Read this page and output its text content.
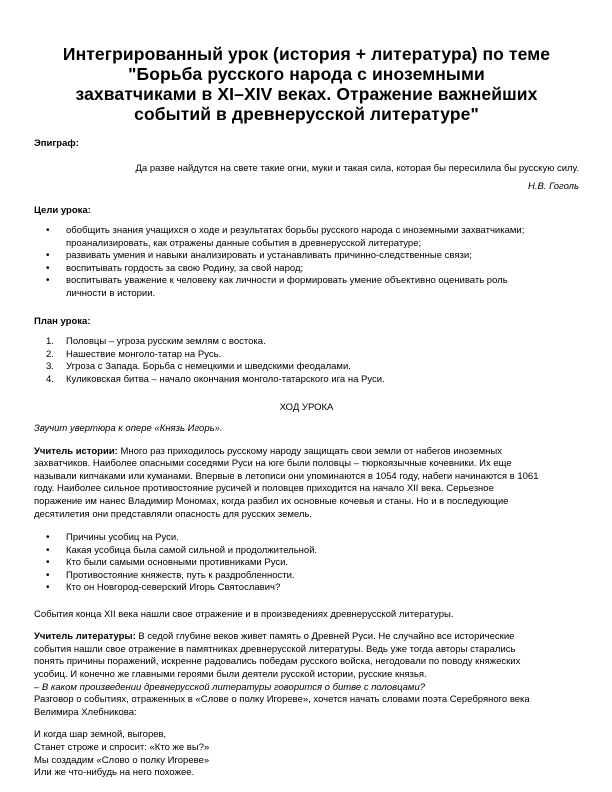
Интегрированный урок (история + литература) по теме
"Борьба русского народа с иноземными
захватчиками в XI–XIV веках. Отражение важнейших
событий в древнерусской литературе"
Эпиграф:
Да разве найдутся на свете такие огни, муки и такая сила, которая бы пересилила бы русскую силу.
Н.В. Гоголь
Цели урока:
• обобщить знания учащихся о ходе и результатах борьбы русского народа с иноземными захватчиками;
проанализировать, как отражены данные события в древнерусской литературе;
• развивать умения и навыки анализировать и устанавливать причинно-следственные связи;
• воспитывать гордость за свою Родину, за свой народ;
• воспитывать уважение к человеку как личности и формировать умение объективно оценивать роль
личности в истории.
План урока:
1. Половцы – угроза русским землям с востока.
2. Нашествие монголо-татар на Русь.
3. Угроза с Запада. Борьба с немецкими и шведскими феодалами.
4. Куликовская битва – начало окончания монголо-татарского ига на Руси.
ХОД УРОКА
Звучит увертюра к опере «Князь Игорь».
Учитель истории: Много раз приходилось русскому народу защищать свои земли от набегов иноземных
захватчиков. Наиболее опасными соседями Руси на юге были половцы – тюркоязычные кочевники. Их еще
называли кипчаками или куманами. Впервые в летописи они упоминаются в 1054 году, набеги начинаются в 1061
году. Наиболее сильное противостояние русичей и половцев приходится на начало XII века. Серьезное
поражение им нанес Владимир Мономах, когда разбил их основные кочевья и станы. Но и в последующие
десятилетия они представляли опасность для русских земель.
• Причины усобиц на Руси.
• Какая усобица была самой сильной и продолжительной.
• Кто были самыми основными противниками Руси.
• Противостояние княжеств, путь к раздробленности.
• Кто он Новгород-северский Игорь Святославич?
События конца XII века нашли свое отражение и в произведениях древнерусской литературы.
Учитель литературы: В седой глубине веков живет память о Древней Руси. Не случайно все исторические
события нашли свое отражение в памятниках древнерусской литературы. Ведь уже тогда авторы старались
понять причины поражений, искренне радовались победам русского войска, негодовали по поводу княжеских
усобиц. И конечно же главными героями были деятели русской истории, русские князья.
– В каком произведении древнерусской литературы говорится о битве с половцами?
Разговор о событиях, отраженных в «Слове о полку Игореве», хочется начать словами поэта Серебряного века
Велимира Хлебникова:
И когда шар земной, выгорев,
Станет строже и спросит: «Кто же вы?»
Мы создадим «Слово о полку Игореве»
Или же что-нибудь на него похожее.
